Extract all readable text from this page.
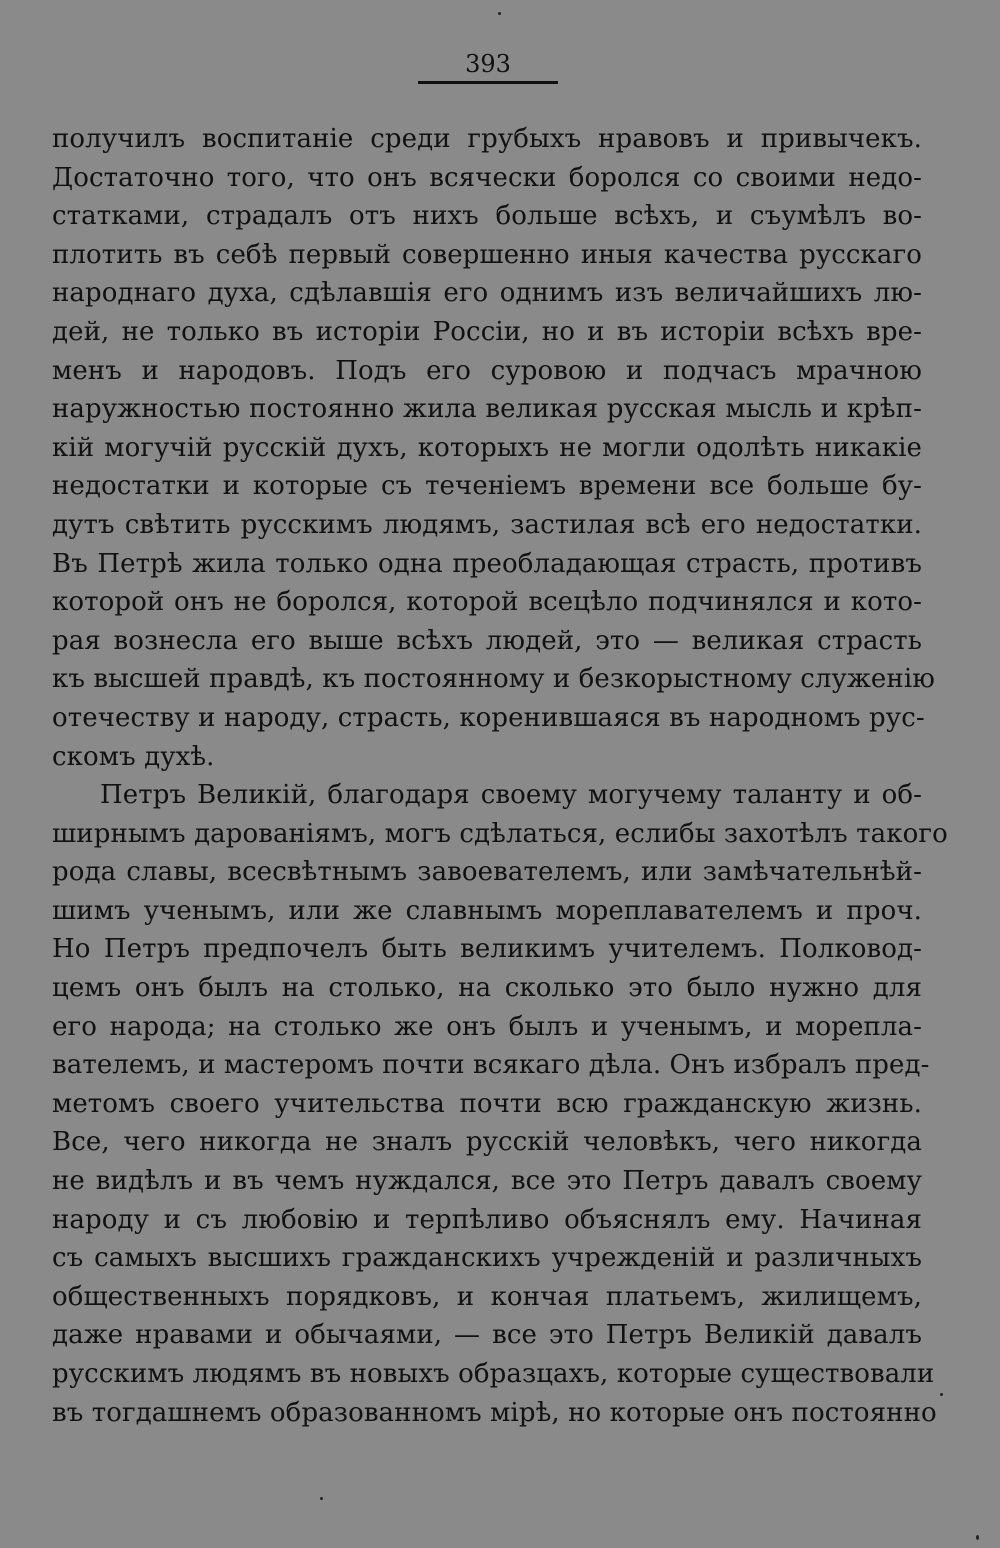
393
получилъ воспитаніе среди грубыхъ нравовъ и привычекъ.
Достаточно того, что онъ всячески боролся со своими недо-
статками, страдалъ отъ нихъ больше всѣхъ, и съумѣлъ во-
плотить въ себѣ первый совершенно иныя качества русскаго
народнаго духа, сдѣлавшія его однимъ изъ величайшихъ лю-
дей, не только въ исторіи Россіи, но и въ исторіи всѣхъ вре-
менъ и народовъ. Подъ его суровою и подчасъ мрачною
наружностью постоянно жила великая русская мысль и крѣп-
кій могучій русскій духъ, которыхъ не могли одолѣть никакіе
недостатки и которые съ теченіемъ времени все больше бу-
дутъ свѣтить русскимъ людямъ, застилая всѣ его недостатки.
Въ Петрѣ жила только одна преобладающая страсть, противъ
которой онъ не боролся, которой всецѣло подчинялся и кото-
рая вознесла его выше всѣхъ людей, это — великая страсть
къ высшей правдѣ, къ постоянному и безкорыстному служенію
отечеству и народу, страсть, коренившаяся въ народномъ рус-
скомъ духѣ.
Петръ Великій, благодаря своему могучему таланту и об-
ширнымъ дарованіямъ, могъ сдѣлаться, еслибы захотѣлъ такого
рода славы, всесвѣтнымъ завоевателемъ, или замѣчательнѣй-
шимъ ученымъ, или же славнымъ мореплавателемъ и проч.
Но Петръ предпочелъ быть великимъ учителемъ. Полковод-
цемъ онъ былъ на столько, на сколько это было нужно для
его народа; на столько же онъ былъ и ученымъ, и морепла-
вателемъ, и мастеромъ почти всякаго дѣла. Онъ избралъ пред-
метомъ своего учительства почти всю гражданскую жизнь.
Все, чего никогда не зналъ русскій человѣкъ, чего никогда
не видѣлъ и въ чемъ нуждался, все это Петръ давалъ своему
народу и съ любовію и терпѣливо объяснялъ ему. Начиная
съ самыхъ высшихъ гражданскихъ учрежденій и различныхъ
общественныхъ порядковъ, и кончая платьемъ, жилищемъ,
даже нравами и обычаями, — все это Петръ Великій давалъ
русскимъ людямъ въ новыхъ образцахъ, которые существовали
въ тогдашнемъ образованномъ мірѣ, но которые онъ постоянно
